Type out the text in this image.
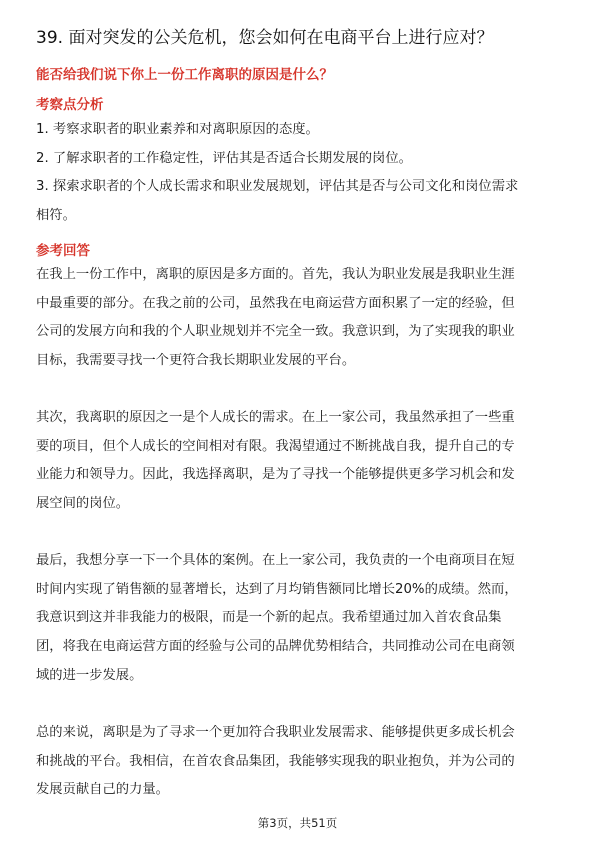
39. 面对突发的公关危机，您会如何在电商平台上进行应对？
能否给我们说下你上一份工作离职的原因是什么？
考察点分析
1. 考察求职者的职业素养和对离职原因的态度。
2. 了解求职者的工作稳定性，评估其是否适合长期发展的岗位。
3. 探索求职者的个人成长需求和职业发展规划，评估其是否与公司文化和岗位需求
相符。
参考回答
在我上一份工作中，离职的原因是多方面的。首先，我认为职业发展是我职业生涯
中最重要的部分。在我之前的公司，虽然我在电商运营方面积累了一定的经验，但
公司的发展方向和我的个人职业规划并不完全一致。我意识到，为了实现我的职业
目标，我需要寻找一个更符合我长期职业发展的平台。
其次，我离职的原因之一是个人成长的需求。在上一家公司，我虽然承担了一些重
要的项目，但个人成长的空间相对有限。我渴望通过不断挑战自我，提升自己的专
业能力和领导力。因此，我选择离职，是为了寻找一个能够提供更多学习机会和发
展空间的岗位。
最后，我想分享一下一个具体的案例。在上一家公司，我负责的一个电商项目在短
时间内实现了销售额的显著增长，达到了月均销售额同比增长20%的成绩。然而，
我意识到这并非我能力的极限，而是一个新的起点。我希望通过加入首农食品集
团，将我在电商运营方面的经验与公司的品牌优势相结合，共同推动公司在电商领
域的进一步发展。
总的来说，离职是为了寻求一个更加符合我职业发展需求、能够提供更多成长机会
和挑战的平台。我相信，在首农食品集团，我能够实现我的职业抱负，并为公司的
发展贡献自己的力量。
第3页，共51页
